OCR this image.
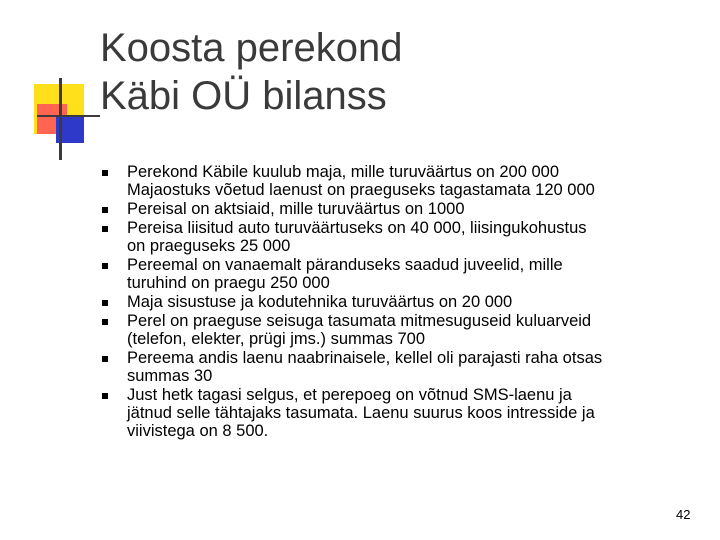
Koosta perekond
Käbi OÜ bilanss
Perekond Käbile kuulub maja, mille turuväärtus on 200 000
Majaostuks võetud laenust on praeguseks tagastamata 120 000
Pereisal on aktsiaid, mille turuväärtus on 1000
Pereisa liisitud auto turuväärtuseks on 40 000, liisingukohustus
on praeguseks 25 000
Pereemal on vanaemalt päranduseks saadud juveelid, mille
turuhind on praegu 250 000
Maja sisustuse ja kodutehnika turuväärtus on 20 000
Perel on praeguse seisuga tasumata mitmesuguseid kuluarveid
(telefon, elekter, prügi jms.) summas 700
Pereema andis laenu naabrinaisele, kellel oli parajasti raha otsas
summas 30
Just hetk tagasi selgus, et perepoeg on võtnud SMS-laenu ja
jätnud selle tähtajaks tasumata. Laenu suurus koos intresside ja
viivistega on 8 500.
42
